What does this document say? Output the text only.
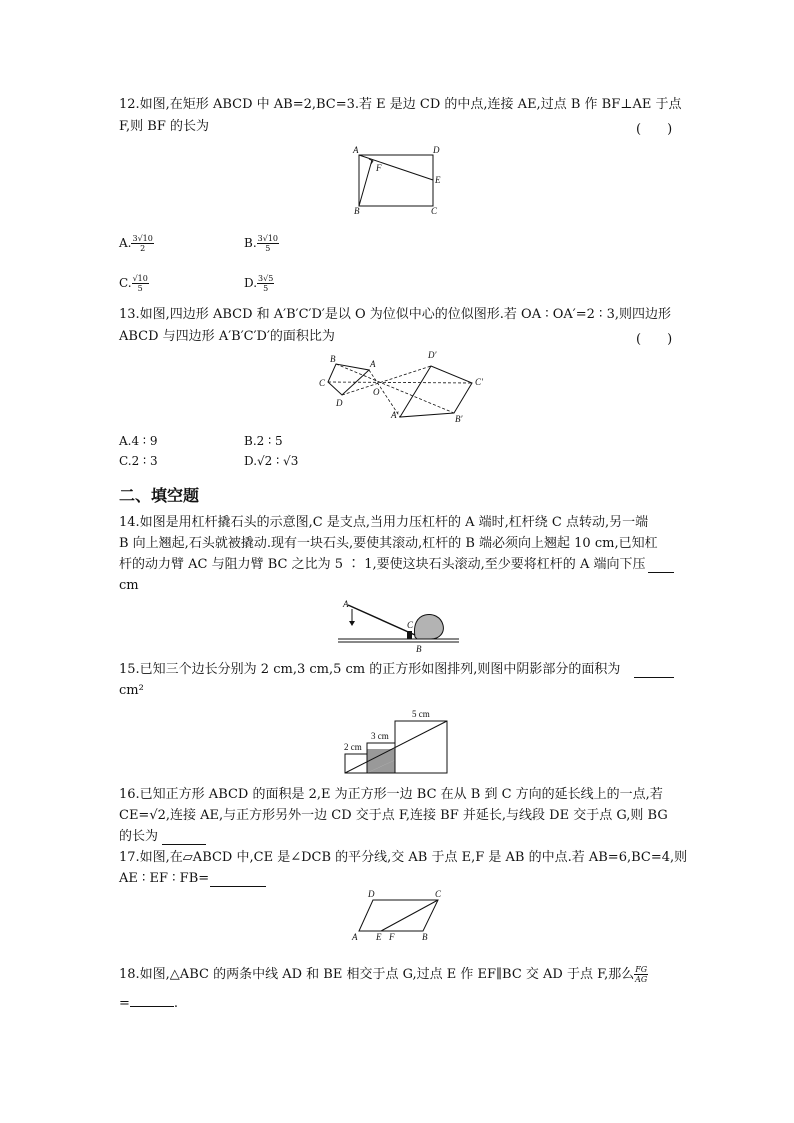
12.如图,在矩形 ABCD 中 AB=2,BC=3.若 E 是边 CD 的中点,连接 AE,过点 B 作 BF⊥AE 于点
(　　)
F,则 BF 的长为
A	D
F
E
B	C
A. $\frac{3√10}{2}$	B. $\frac{3√10}{5}$
C. $\frac{√10}{5}$	D. $\frac{3√5}{5}$
13.如图,四边形 ABCD 和 A′B′C′D′是以 O 为位似中心的位似图形.若 OA ∶ OA′=2 ∶ 3,则四边形
(　　)
ABCD 与四边形 A′B′C′D′的面积比为
B	A
C
O
D
D′
C′
A′	B′
A.4 ∶ 9	B.2 ∶ 5
C.2 ∶ 3	D.√2 ∶ √3
二、填空题
14.如图是用杠杆撬石头的示意图,C 是支点,当用力压杠杆的 A 端时,杠杆绕 C 点转动,另一端
B 向上翘起,石头就被撬动.现有一块石头,要使其滚动,杠杆的 B 端必须向上翘起 10 cm,已知杠
杆的动力臂 AC 与阻力臂 BC 之比为 5 ∶ 1,要使这块石头滚动,至少要将杠杆的 A 端向下压
cm
A
C
B
15.已知三个边长分别为 2 cm,3 cm,5 cm 的正方形如图排列,则图中阴影部分的面积为
cm²
2 cm
3 cm
5 cm
16.已知正方形 ABCD 的面积是 2,E 为正方形一边 BC 在从 B 到 C 方向的延长线上的一点,若
CE=√2,连接 AE,与正方形另外一边 CD 交于点 F,连接 BF 并延长,与线段 DE 交于点 G,则 BG
的长为
17.如图,在▱ABCD 中,CE 是∠DCB 的平分线,交 AB 于点 E,F 是 AB 的中点.若 AB=6,BC=4,则
AE ∶ EF ∶ FB=
D	C
A E F	B
18.如图,△ABC 的两条中线 AD 和 BE 相交于点 G,过点 E 作 EF∥BC 交 AD 于点 F,那么 $\frac{FG}{AG}$
=	.
